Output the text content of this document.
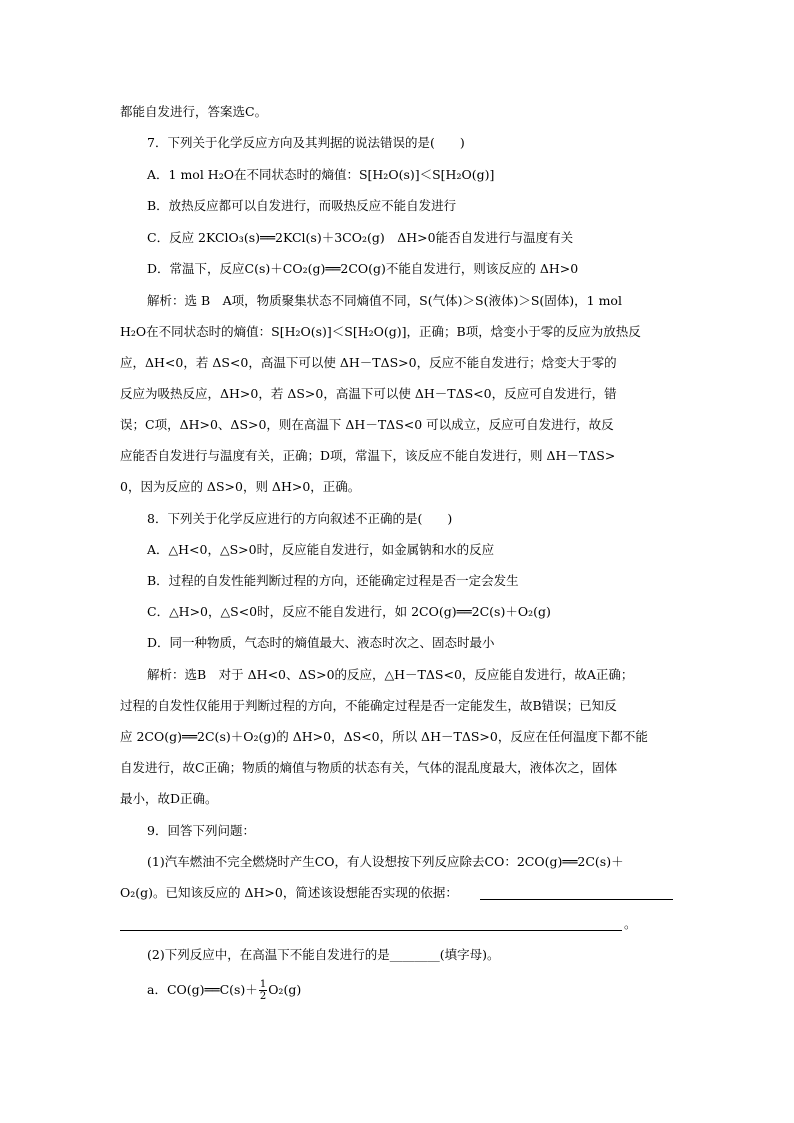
都能自发进行，答案选C。
7．下列关于化学反应方向及其判据的说法错误的是(　　)
A．1 mol H₂O在不同状态时的熵值：S[H₂O(s)]＜S[H₂O(g)]
B．放热反应都可以自发进行，而吸热反应不能自发进行
C．反应 2KClO₃(s)══2KCl(s)＋3CO₂(g)　ΔH>0能否自发进行与温度有关
D．常温下，反应C(s)＋CO₂(g)══2CO(g)不能自发进行，则该反应的 ΔH>0
解析：选 B　A项，物质聚集状态不同熵值不同，S(气体)＞S(液体)＞S(固体)，1 mol
H₂O在不同状态时的熵值：S[H₂O(s)]＜S[H₂O(g)]，正确；B项，焓变小于零的反应为放热反
应，ΔH<0，若 ΔS<0，高温下可以使 ΔH－TΔS>0，反应不能自发进行；焓变大于零的
反应为吸热反应，ΔH>0，若 ΔS>0，高温下可以使 ΔH－TΔS<0，反应可自发进行，错
误；C项，ΔH>0、ΔS>0，则在高温下 ΔH－TΔS<0 可以成立，反应可自发进行，故反
应能否自发进行与温度有关，正确；D项，常温下，该反应不能自发进行，则 ΔH－TΔS>
0，因为反应的 ΔS>0，则 ΔH>0，正确。
8．下列关于化学反应进行的方向叙述不正确的是(　　)
A．△H<0，△S>0时，反应能自发进行，如金属钠和水的反应
B．过程的自发性能判断过程的方向，还能确定过程是否一定会发生
C．△H>0，△S<0时，反应不能自发进行，如 2CO(g)══2C(s)＋O₂(g)
D．同一种物质，气态时的熵值最大、液态时次之、固态时最小
解析：选B　对于 ΔH<0、ΔS>0的反应，△H－TΔS<0，反应能自发进行，故A正确；
过程的自发性仅能用于判断过程的方向，不能确定过程是否一定能发生，故B错误；已知反
应 2CO(g)══2C(s)＋O₂(g)的 ΔH>0，ΔS<0，所以 ΔH－TΔS>0，反应在任何温度下都不能
自发进行，故C正确；物质的熵值与物质的状态有关，气体的混乱度最大，液体次之，固体
最小，故D正确。
9．回答下列问题：
(1)汽车燃油不完全燃烧时产生CO，有人设想按下列反应除去CO：2CO(g)══2C(s)＋
O₂(g)。已知该反应的 ΔH>0，简述该设想能否实现的依据：
。
(2)下列反应中，在高温下不能自发进行的是________(填字母)。
a．CO(g)══C(s)＋ $\frac{1}{2} O_2(g)$
